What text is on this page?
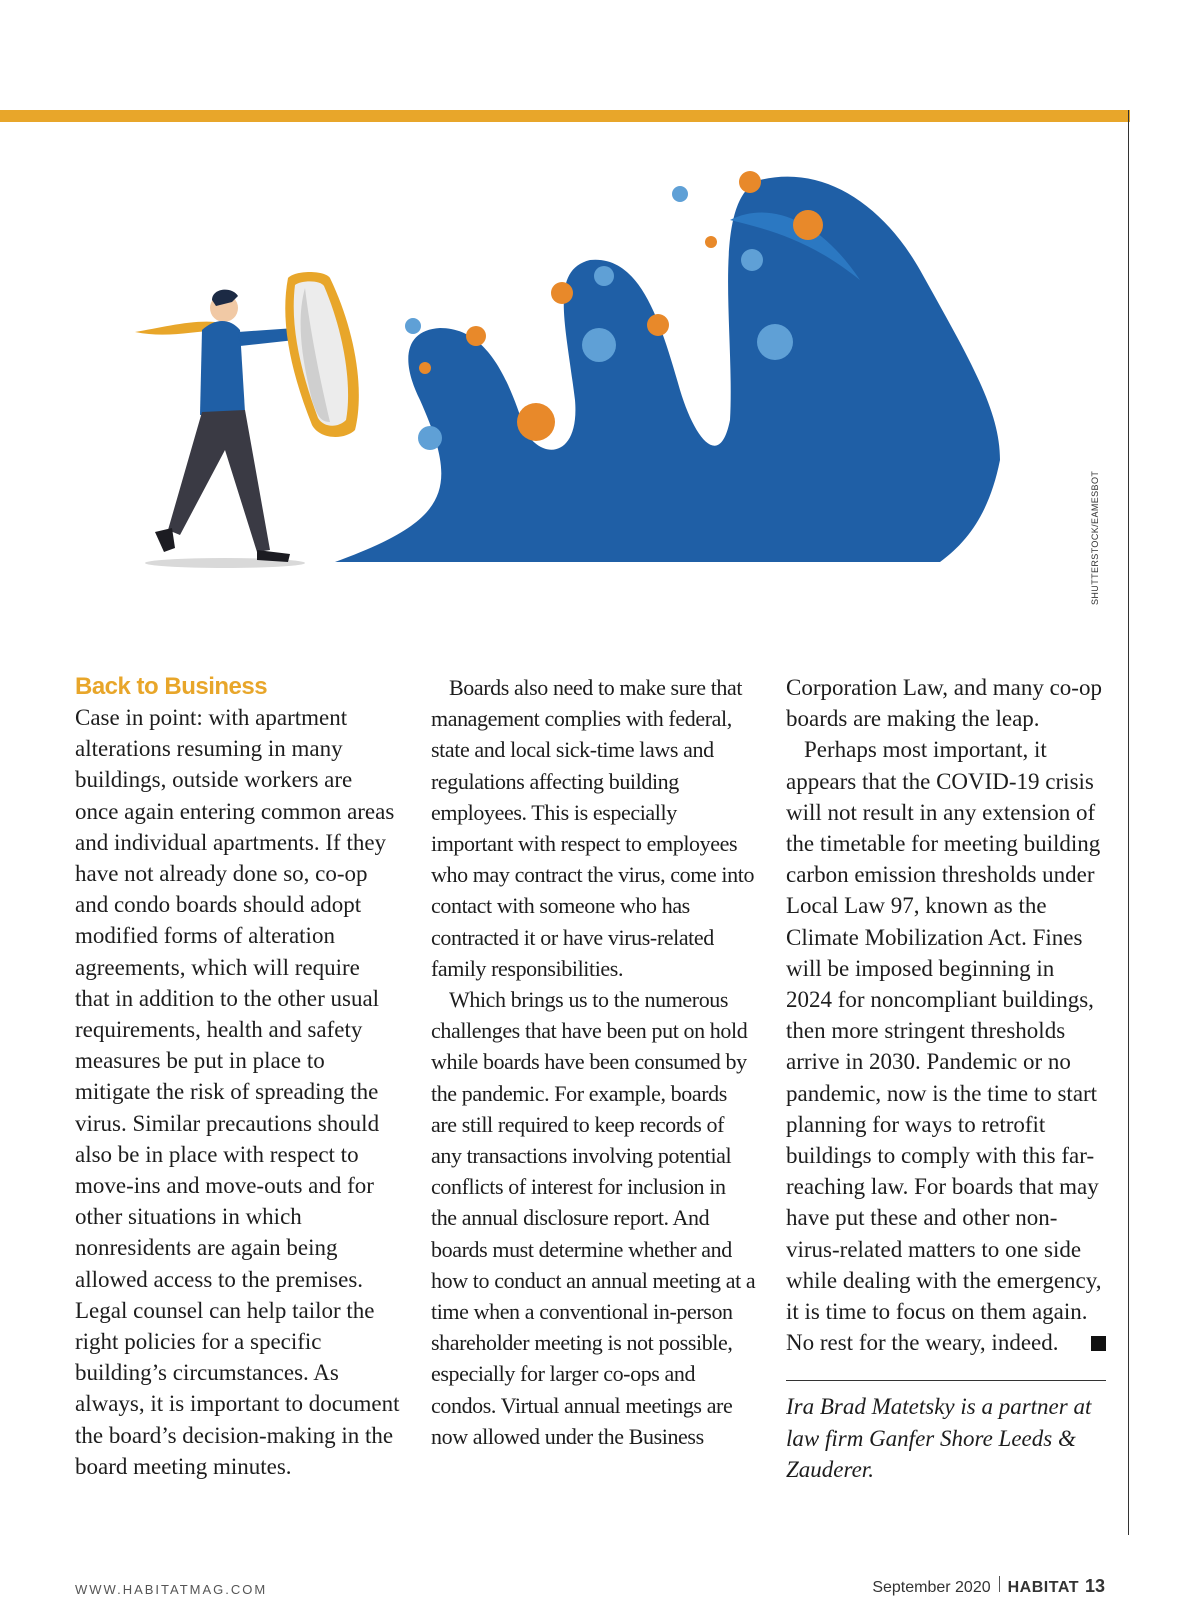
SHUTTERSTOCK/EAMESBOT
Back to Business

Case in point: with apartment alterations resuming in many buildings, outside workers are once again entering common areas and individual apartments. If they have not already done so, co-op and condo boards should adopt modified forms of alteration agreements, which will require that in addition to the other usual requirements, health and safety measures be put in place to mitigate the risk of spreading the virus. Similar precautions should also be in place with respect to move-ins and move-outs and for other situations in which nonresidents are again being allowed access to the premises. Legal counsel can help tailor the right policies for a specific building’s circumstances. As always, it is important to document the board’s decision-making in the board meeting minutes.

Boards also need to make sure that management complies with federal, state and local sick-time laws and regulations affecting building employees. This is especially important with respect to employees who may contract the virus, come into contact with someone who has contracted it or have virus-related family responsibilities.

Which brings us to the numerous challenges that have been put on hold while boards have been consumed by the pandemic. For example, boards are still required to keep records of any transactions involving potential conflicts of interest for inclusion in the annual disclosure report. And boards must determine whether and how to conduct an annual meeting at a time when a conventional in-person shareholder meeting is not possible, especially for larger co-ops and condos. Virtual annual meetings are now allowed under the Business

Corporation Law, and many co-op boards are making the leap.

Perhaps most important, it appears that the COVID-19 crisis will not result in any extension of the timetable for meeting building carbon emission thresholds under Local Law 97, known as the Climate Mobilization Act. Fines will be imposed beginning in 2024 for noncompliant buildings, then more stringent thresholds arrive in 2030. Pandemic or no pandemic, now is the time to start planning for ways to retrofit buildings to comply with this far-reaching law. For boards that may have put these and other non-virus-related matters to one side while dealing with the emergency, it is time to focus on them again. No rest for the weary, indeed.

Ira Brad Matetsky is a partner at law firm Ganfer Shore Leeds & Zauderer.

WWW.HABITATMAG.COM	September 2020 HABITAT 13
